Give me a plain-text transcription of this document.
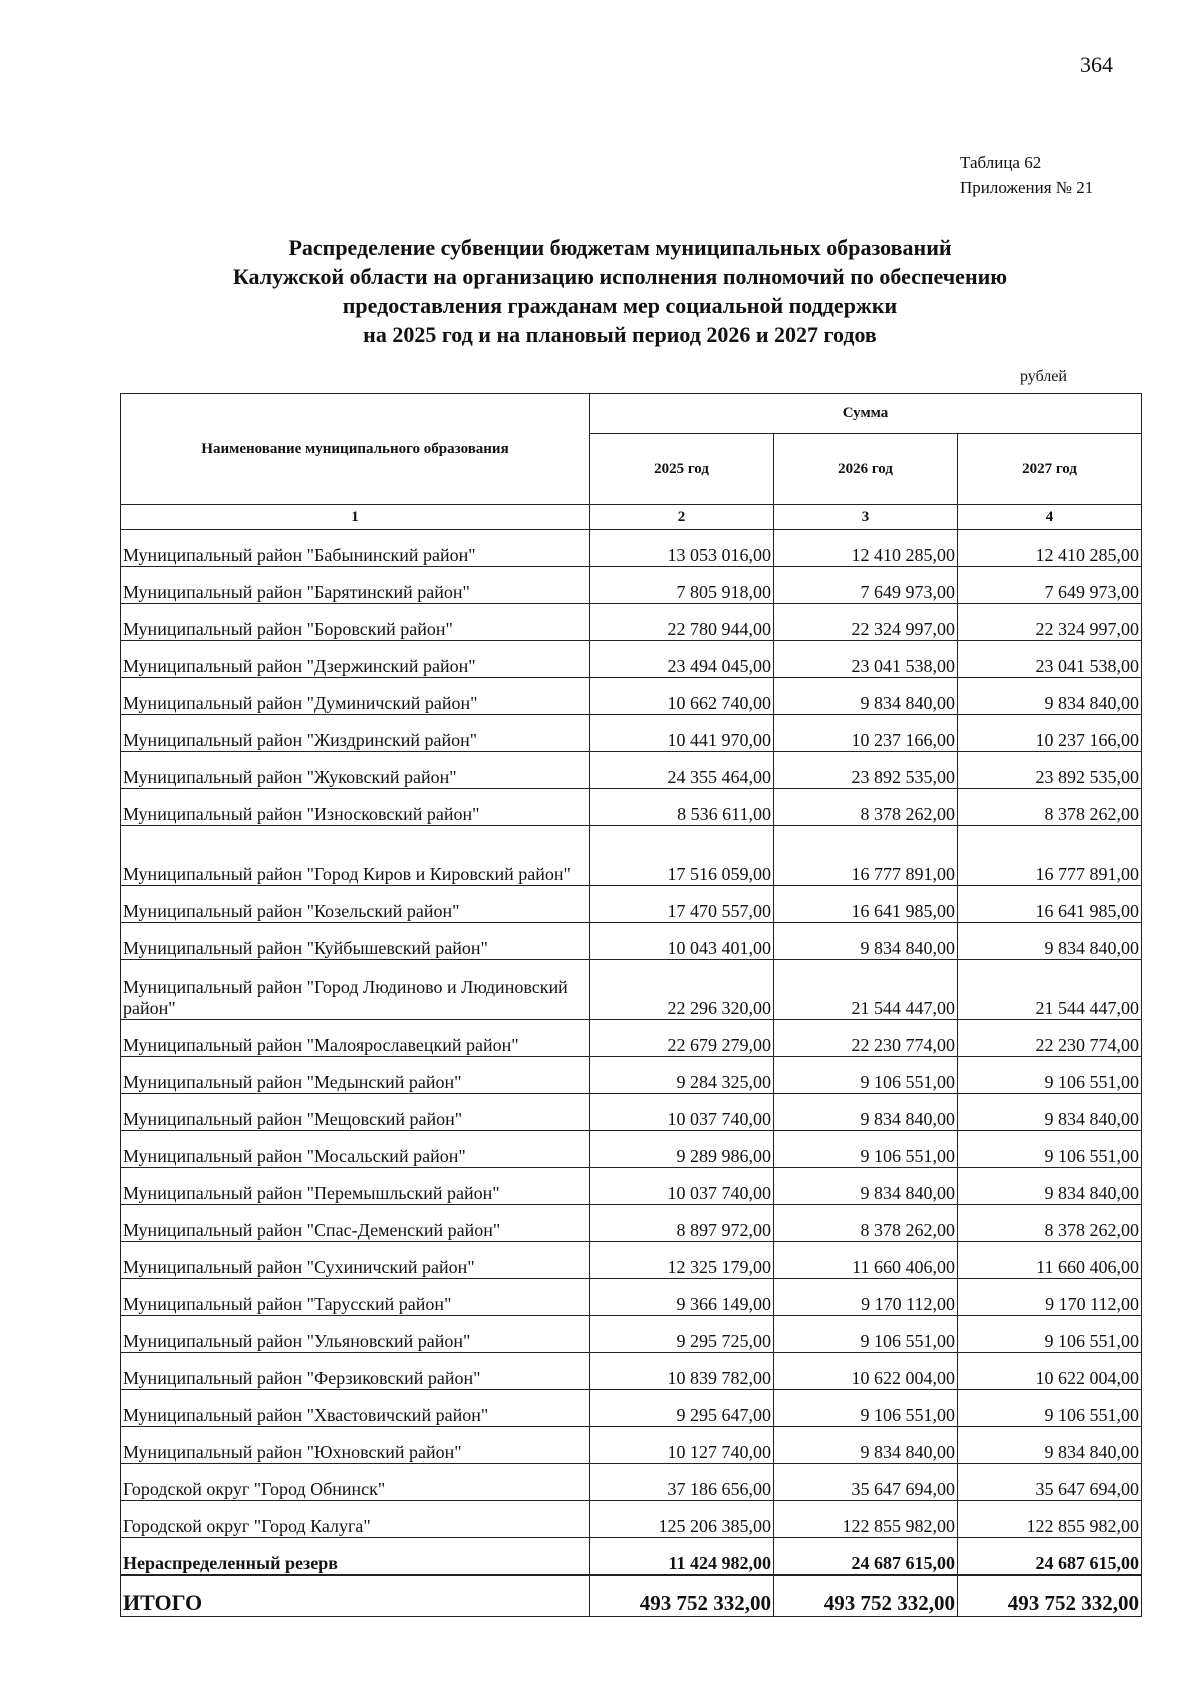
364
Таблица 62
Приложения № 21
Распределение субвенции бюджетам муниципальных образований
Калужской области на организацию исполнения полномочий по обеспечению
предоставления гражданам мер социальной поддержки
на 2025 год и на плановый период 2026 и 2027 годов
рублей
Наименование муниципального образования	Сумма		
	2025 год	2026 год	2027 год
1	2	3	4
Муниципальный район "Бабынинский район"	13 053 016,00	12 410 285,00	12 410 285,00
Муниципальный район "Барятинский район"	7 805 918,00	7 649 973,00	7 649 973,00
Муниципальный район "Боровский район"	22 780 944,00	22 324 997,00	22 324 997,00
Муниципальный район "Дзержинский район"	23 494 045,00	23 041 538,00	23 041 538,00
Муниципальный район "Думиничский район"	10 662 740,00	9 834 840,00	9 834 840,00
Муниципальный район "Жиздринский район"	10 441 970,00	10 237 166,00	10 237 166,00
Муниципальный район "Жуковский район"	24 355 464,00	23 892 535,00	23 892 535,00
Муниципальный район "Износковский район"	8 536 611,00	8 378 262,00	8 378 262,00
Муниципальный район "Город Киров и Кировский район"	17 516 059,00	16 777 891,00	16 777 891,00
Муниципальный район "Козельский район"	17 470 557,00	16 641 985,00	16 641 985,00
Муниципальный район "Куйбышевский район"	10 043 401,00	9 834 840,00	9 834 840,00
Муниципальный район "Город Людиново и Людиновский район"	22 296 320,00	21 544 447,00	21 544 447,00
Муниципальный район "Малоярославецкий район"	22 679 279,00	22 230 774,00	22 230 774,00
Муниципальный район "Медынский район"	9 284 325,00	9 106 551,00	9 106 551,00
Муниципальный район "Мещовский район"	10 037 740,00	9 834 840,00	9 834 840,00
Муниципальный район "Мосальский район"	9 289 986,00	9 106 551,00	9 106 551,00
Муниципальный район "Перемышльский район"	10 037 740,00	9 834 840,00	9 834 840,00
Муниципальный район "Спас-Деменский район"	8 897 972,00	8 378 262,00	8 378 262,00
Муниципальный район "Сухиничский район"	12 325 179,00	11 660 406,00	11 660 406,00
Муниципальный район "Тарусский район"	9 366 149,00	9 170 112,00	9 170 112,00
Муниципальный район "Ульяновский район"	9 295 725,00	9 106 551,00	9 106 551,00
Муниципальный район "Ферзиковский район"	10 839 782,00	10 622 004,00	10 622 004,00
Муниципальный район "Хвастовичский район"	9 295 647,00	9 106 551,00	9 106 551,00
Муниципальный район "Юхновский район"	10 127 740,00	9 834 840,00	9 834 840,00
Городской округ "Город Обнинск"	37 186 656,00	35 647 694,00	35 647 694,00
Городской округ "Город Калуга"	125 206 385,00	122 855 982,00	122 855 982,00
Нераспределенный резерв	11 424 982,00	24 687 615,00	24 687 615,00
ИТОГО	493 752 332,00	493 752 332,00	493 752 332,00
